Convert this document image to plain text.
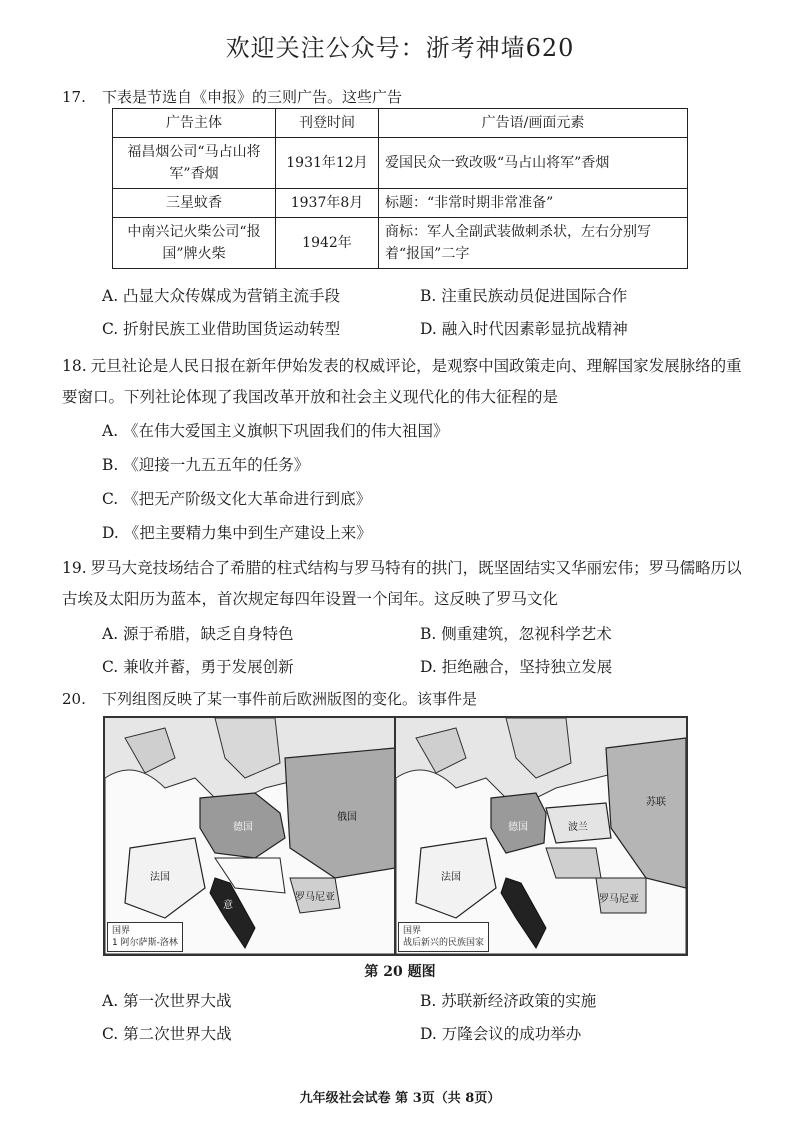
欢迎关注公众号：浙考神墙620
17. 下表是节选自《申报》的三则广告。这些广告
广告主体	刊登时间	广告语/画面元素
福昌烟公司“马占山将军”香烟	1931年12月	爱国民众一致改吸“马占山将军”香烟
三星蚊香	1937年8月	标题：“非常时期非常准备”
中南兴记火柴公司“报国”牌火柴	1942年	商标：军人全副武装做刺杀状，左右分别写着“报国”二字
A. 凸显大众传媒成为营销主流手段	B. 注重民族动员促进国际合作
C. 折射民族工业借助国货运动转型	D. 融入时代因素彰显抗战精神
18. 元旦社论是人民日报在新年伊始发表的权威评论，是观察中国政策走向、理解国家发展脉络的重要窗口。下列社论体现了我国改革开放和社会主义现代化的伟大征程的是
A. 《在伟大爱国主义旗帜下巩固我们的伟大祖国》
B. 《迎接一九五五年的任务》
C. 《把无产阶级文化大革命进行到底》
D. 《把主要精力集中到生产建设上来》
19. 罗马大竞技场结合了希腊的柱式结构与罗马特有的拱门，既坚固结实又华丽宏伟；罗马儒略历以古埃及太阳历为蓝本，首次规定每四年设置一个闰年。这反映了罗马文化
A. 源于希腊，缺乏自身特色	B. 侧重建筑，忽视科学艺术
C. 兼收并蓄，勇于发展创新	D. 拒绝融合，坚持独立发展
20. 下列组图反映了某一事件前后欧洲版图的变化。该事件是
德国
俄国
法国
意
罗马尼亚
国界
1 阿尔萨斯-洛林
苏联
德国	波兰
法国
罗马尼亚
国界
战后新兴的民族国家
第 20 题图
A. 第一次世界大战	B. 苏联新经济政策的实施
C. 第二次世界大战	D. 万隆会议的成功举办
九年级社会试卷 第 3页（共 8页）
